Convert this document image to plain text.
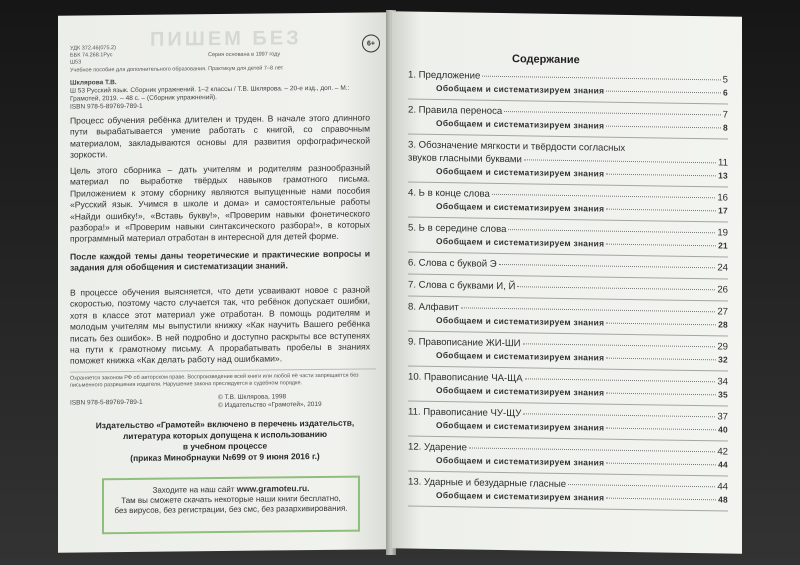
ПИШЕМ БЕЗ	6+
УДК 372.46(075.2)
ББК 74.268.1Рус
Ш53
Серия основана в 1997 году
Учебное пособие для дополнительного образования. Практикум для детей 7–8 лет
Шклярова Т.В.
Ш 53 Русский язык. Сборник упражнений. 1–2 классы / Т.В. Шклярова. – 20-е изд., доп. – М.: Грамотей, 2019. – 48 с. – (Сборник упражнений).
ISBN 978-5-89769-789-1
Процесс обучения ребёнка длителен и труден. В начале этого длинного пути вырабатывается умение работать с книгой, со справочным материалом, закладываются основы для развития орфографической зоркости.
Цель этого сборника – дать учителям и родителям разнообразный материал по выработке твёрдых навыков грамотного письма. Приложением к этому сборнику являются выпущенные нами пособия «Русский язык. Учимся в школе и дома» и самостоятельные работы «Найди ошибку!», «Вставь букву!», «Проверим навыки фонетического разбора!» и «Проверим навыки синтаксического разбора!», в которых программный материал отработан в интересной для детей форме.
После каждой темы даны теоретические и практические вопросы и задания для обобщения и систематизации знаний.
В процессе обучения выясняется, что дети усваивают новое с разной скоростью, поэтому часто случается так, что ребёнок допускает ошибки, хотя в классе этот материал уже отработан. В помощь родителям и молодым учителям мы выпустили книжку «Как научить Вашего ребёнка писать без ошибок». В ней подробно и доступно раскрыты все вступенях на пути к грамотному письму. А прорабатывать пробелы в знаниях поможет книжка «Как делать работу над ошибками».
Охраняется законом РФ об авторском праве. Воспроизведение всей книги или любой её части запрещается без письменного разрешения издателя. Нарушение закона преследуется в судебном порядке.
ISBN 978-5-89769-789-1
© Т.В. Шклярова, 1998
© Издательство «Грамотей», 2019
Издательство «Грамотей» включено в перечень издательств,
литература которых допущена к использованию
в учебном процессе
(приказ Минобрнауки №699 от 9 июня 2016 г.)
Заходите на наш сайт www.gramoteu.ru.
Там вы сможете скачать некоторые наши книги бесплатно,
без вирусов, без регистрации, без смс, без разархивирования.
Содержание
1. Предложение	5
Обобщаем и систематизируем знания	6
2. Правила переноса	7
Обобщаем и систематизируем знания	8
3. Обозначение мягкости и твёрдости согласных
звуков гласными буквами	11
Обобщаем и систематизируем знания	13
4. Ь в конце слова	16
Обобщаем и систематизируем знания	17
5. Ь в середине слова	19
Обобщаем и систематизируем знания	21
6. Слова с буквой Э	24
7. Слова с буквами И, Й	26
8. Алфавит	27
Обобщаем и систематизируем знания	28
9. Правописание ЖИ-ШИ	29
Обобщаем и систематизируем знания	32
10. Правописание ЧА-ЩА	34
Обобщаем и систематизируем знания	35
11. Правописание ЧУ-ЩУ	37
Обобщаем и систематизируем знания	40
12. Ударение	42
Обобщаем и систематизируем знания	44
13. Ударные и безударные гласные	44
Обобщаем и систематизируем знания	48
